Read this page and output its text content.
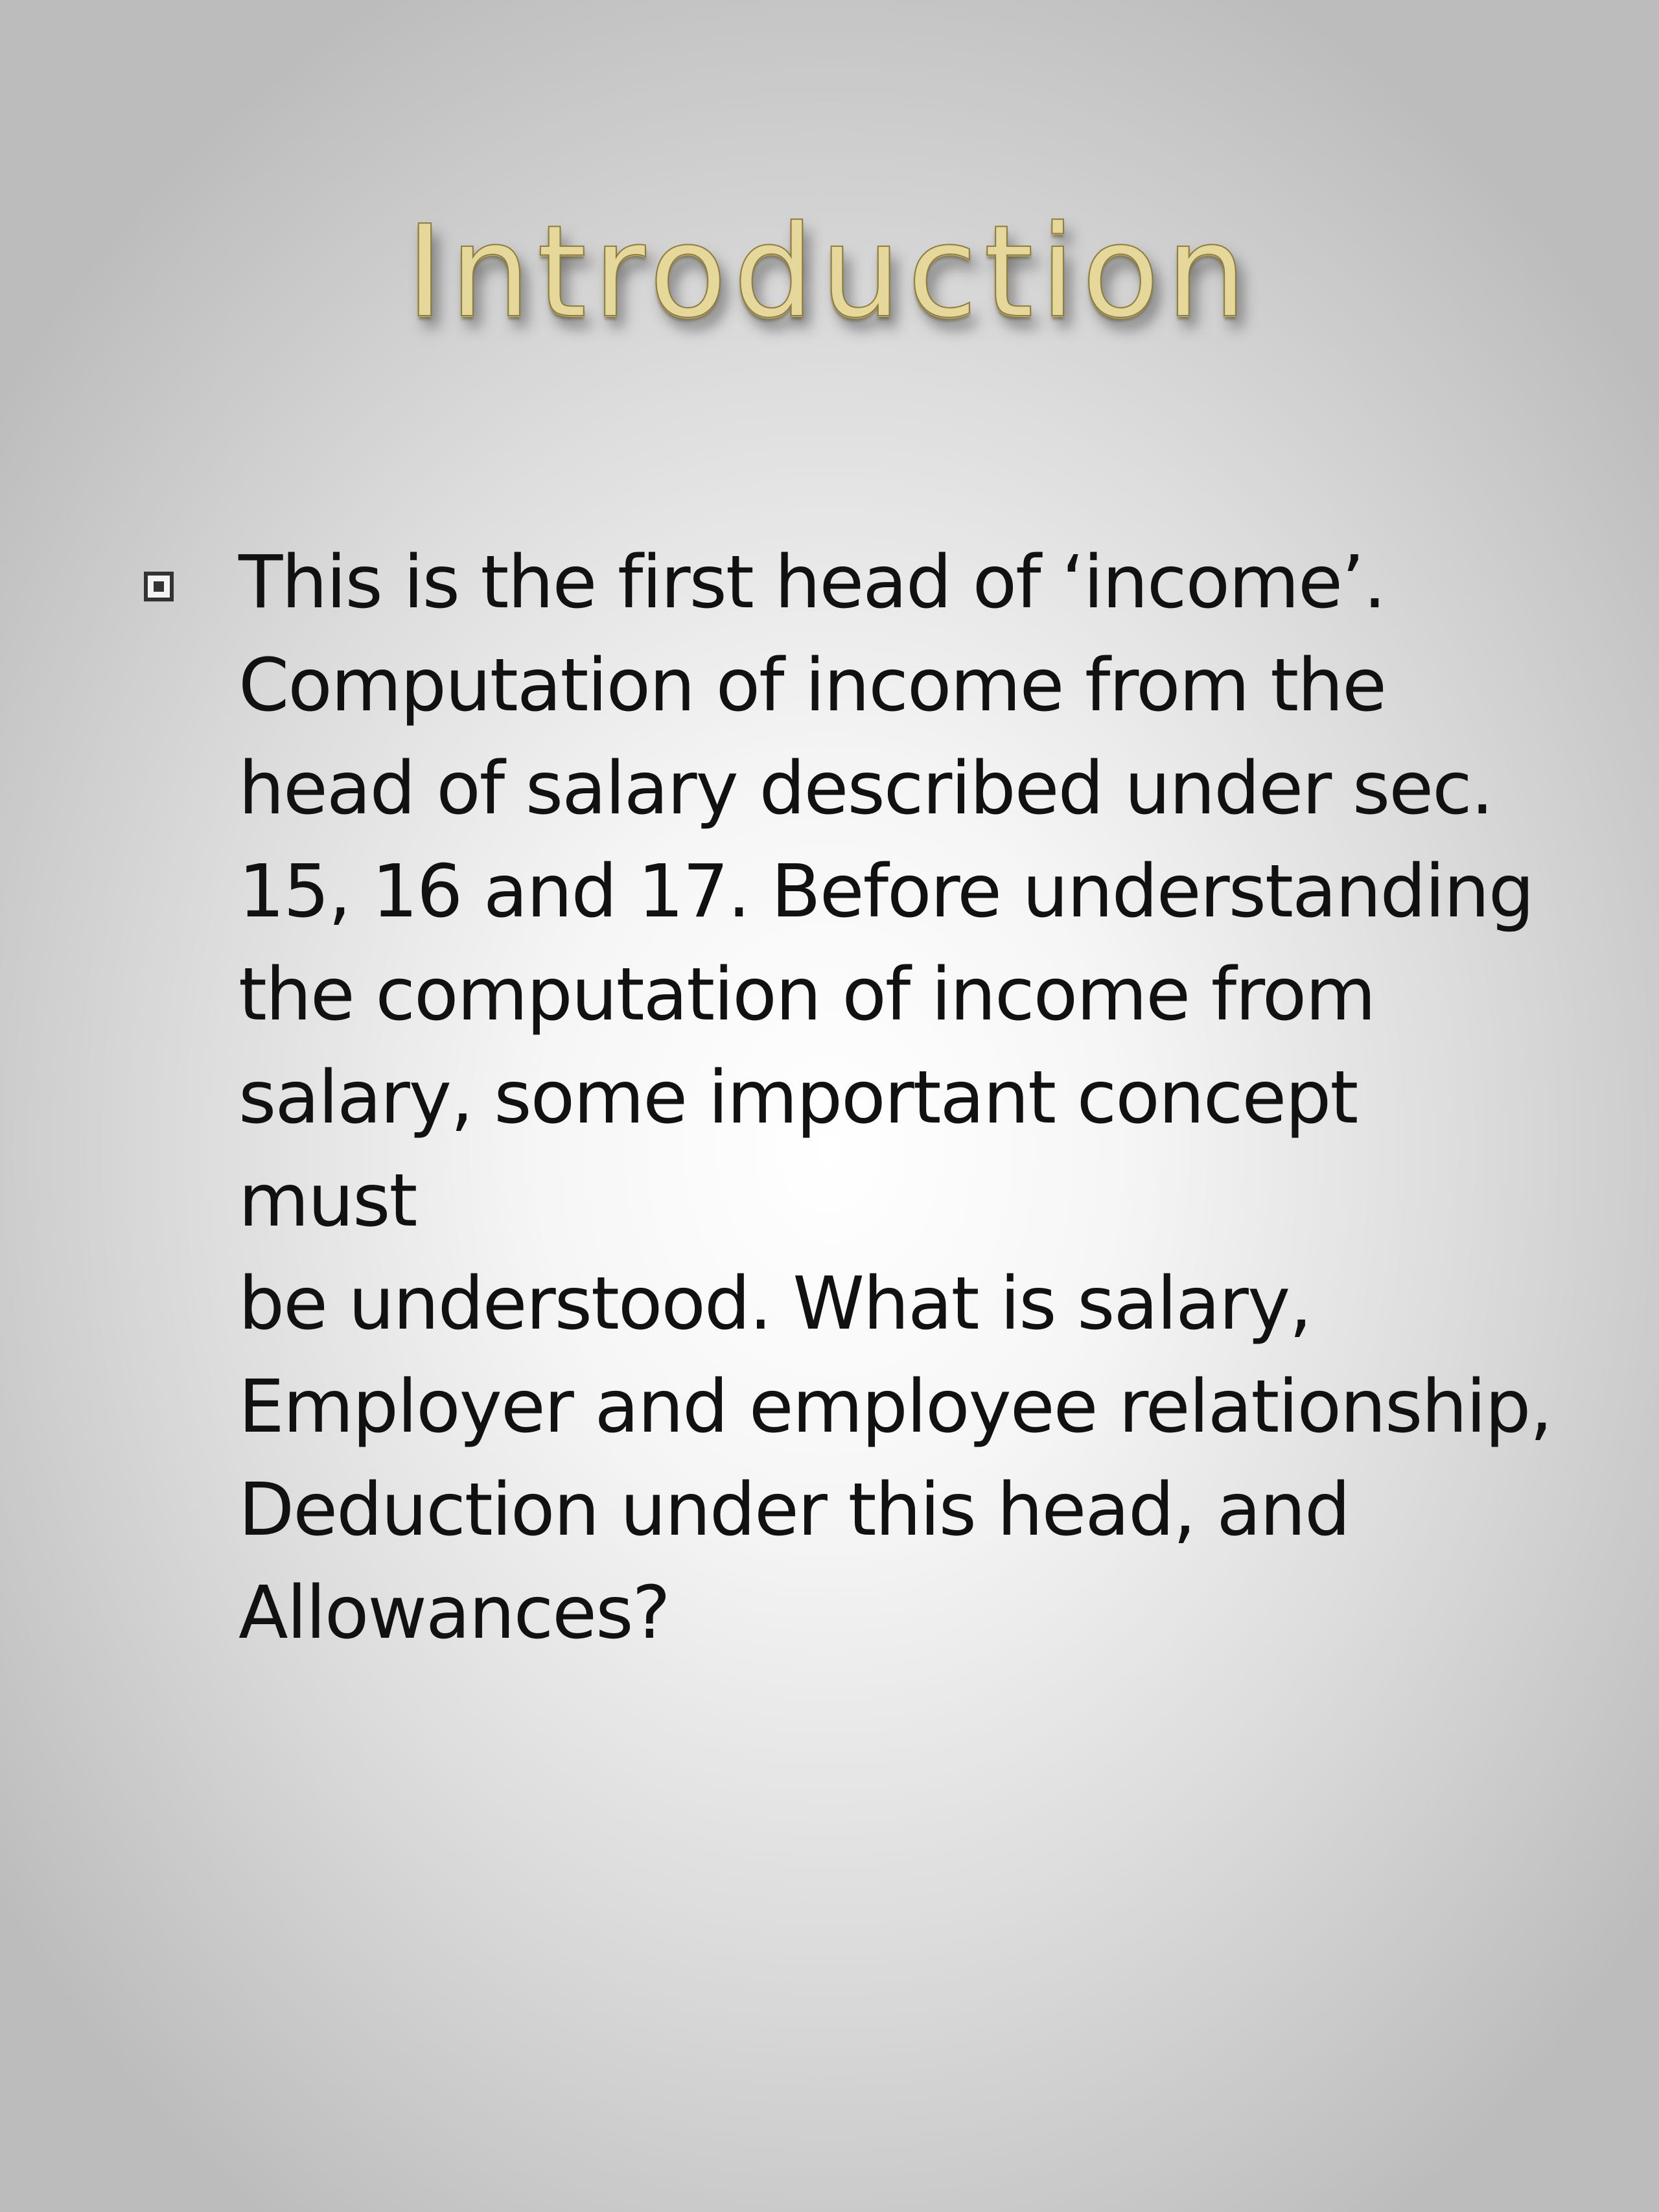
Introduction
This is the first head of ‘income’.
Computation of income from the
head of salary described under sec.
15, 16 and 17. Before understanding
the computation of income from
salary, some important concept must
be understood. What is salary,
Employer and employee relationship,
Deduction under this head, and
Allowances?
